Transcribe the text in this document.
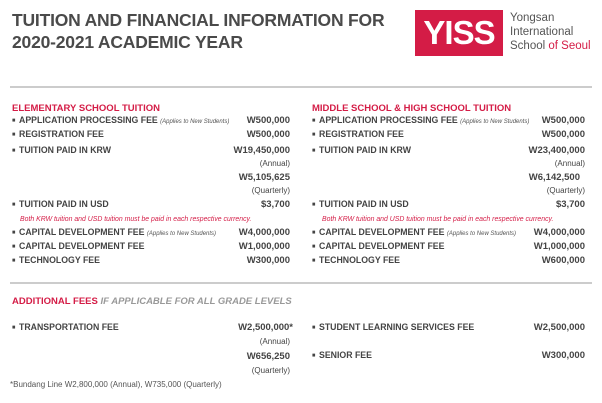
TUITION AND FINANCIAL INFORMATION FOR
2020-2021 ACADEMIC YEAR	YISS	Yongsan
International
School of Seoul
ELEMENTARY SCHOOL TUITION	MIDDLE SCHOOL & HIGH SCHOOL TUITION
■ APPLICATION PROCESSING FEE (Applies to New Students) W500,000
■ REGISTRATION FEE	W500,000
■ TUITION PAID IN KRW	W19,450,000
(Annual)
W5,105,625
(Quarterly)
■ TUITION PAID IN USD	$3,700
Both KRW tuition and USD tuition must be paid in each respective currency.
■ CAPITAL DEVELOPMENT FEE (Applies to New Students) W4,000,000
■ CAPITAL DEVELOPMENT FEE	W1,000,000
■ TECHNOLOGY FEE	W300,000
■ APPLICATION PROCESSING FEE (Applies to New Students) W500,000
■ REGISTRATION FEE	W500,000
■ TUITION PAID IN KRW	W23,400,000
(Annual)
W6,142,500
(Quarterly)
■ TUITION PAID IN USD	$3,700
Both KRW tuition and USD tuition must be paid in each respective currency.
■ CAPITAL DEVELOPMENT FEE (Applies to New Students) W4,000,000
■ CAPITAL DEVELOPMENT FEE	W1,000,000
■ TECHNOLOGY FEE	W600,000
ADDITIONAL FEES IF APPLICABLE FOR ALL GRADE LEVELS
■ TRANSPORTATION FEE	W2,500,000*
(Annual)
W656,250
(Quarterly)
*Bundang Line W2,800,000 (Annual), W735,000 (Quarterly)
■ STUDENT LEARNING SERVICES FEE	W2,500,000
■ SENIOR FEE	W300,000
